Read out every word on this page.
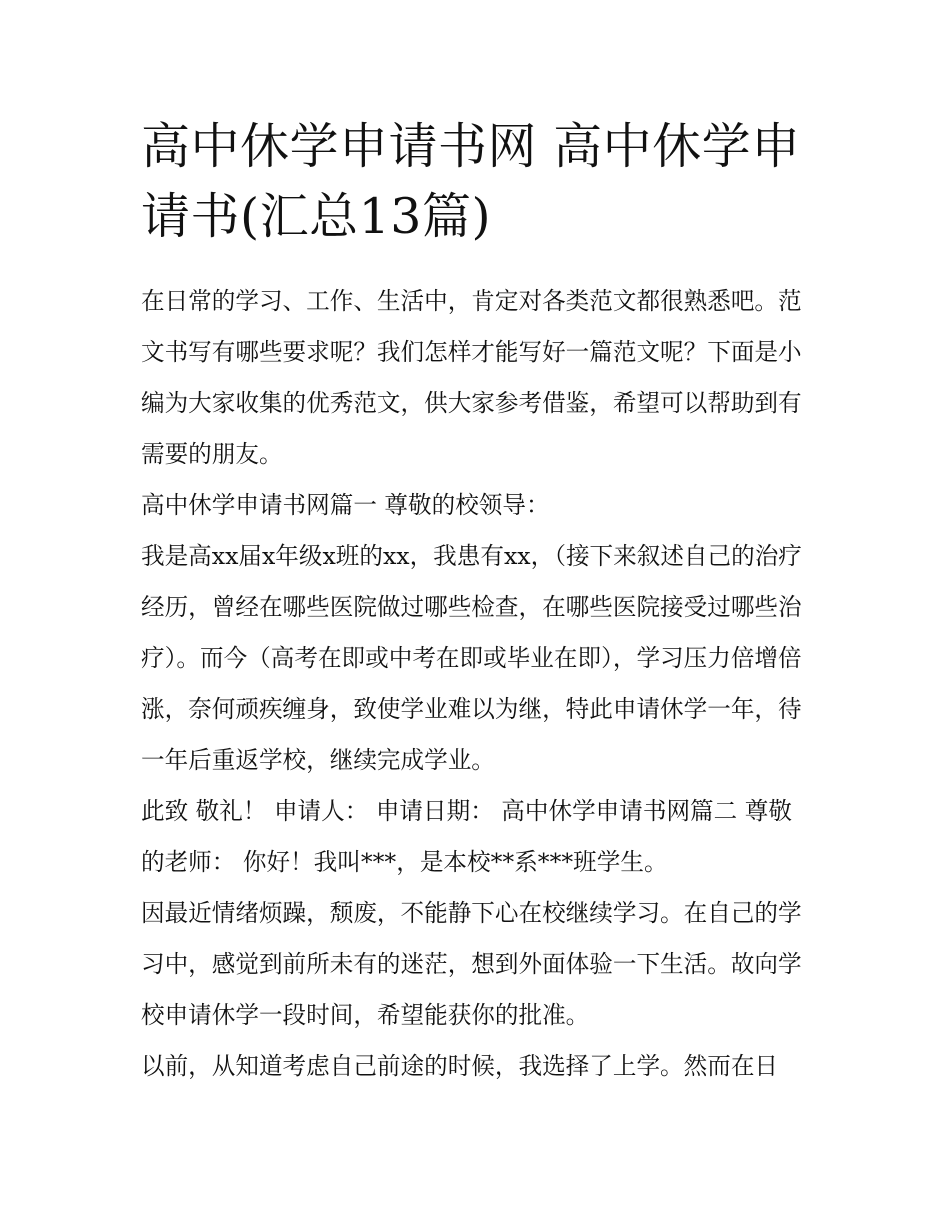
高中休学申请书网 高中休学申请书(汇总13篇)

在日常的学习、工作、生活中，肯定对各类范文都很熟悉吧。范文书写有哪些要求呢？我们怎样才能写好一篇范文呢？下面是小编为大家收集的优秀范文，供大家参考借鉴，希望可以帮助到有需要的朋友。

高中休学申请书网篇一 尊敬的校领导：

我是高xx届x年级x班的xx，我患有xx，（接下来叙述自己的治疗经历，曾经在哪些医院做过哪些检查，在哪些医院接受过哪些治疗）。而今（高考在即或中考在即或毕业在即），学习压力倍增倍涨，奈何顽疾缠身，致使学业难以为继，特此申请休学一年，待一年后重返学校，继续完成学业。

此致 敬礼！ 申请人： 申请日期： 高中休学申请书网篇二 尊敬的老师： 你好！我叫***，是本校**系***班学生。

因最近情绪烦躁，颓废，不能静下心在校继续学习。在自己的学习中，感觉到前所未有的迷茫，想到外面体验一下生活。故向学校申请休学一段时间，希望能获你的批准。

以前，从知道考虑自己前途的时候，我选择了上学。然而在日
